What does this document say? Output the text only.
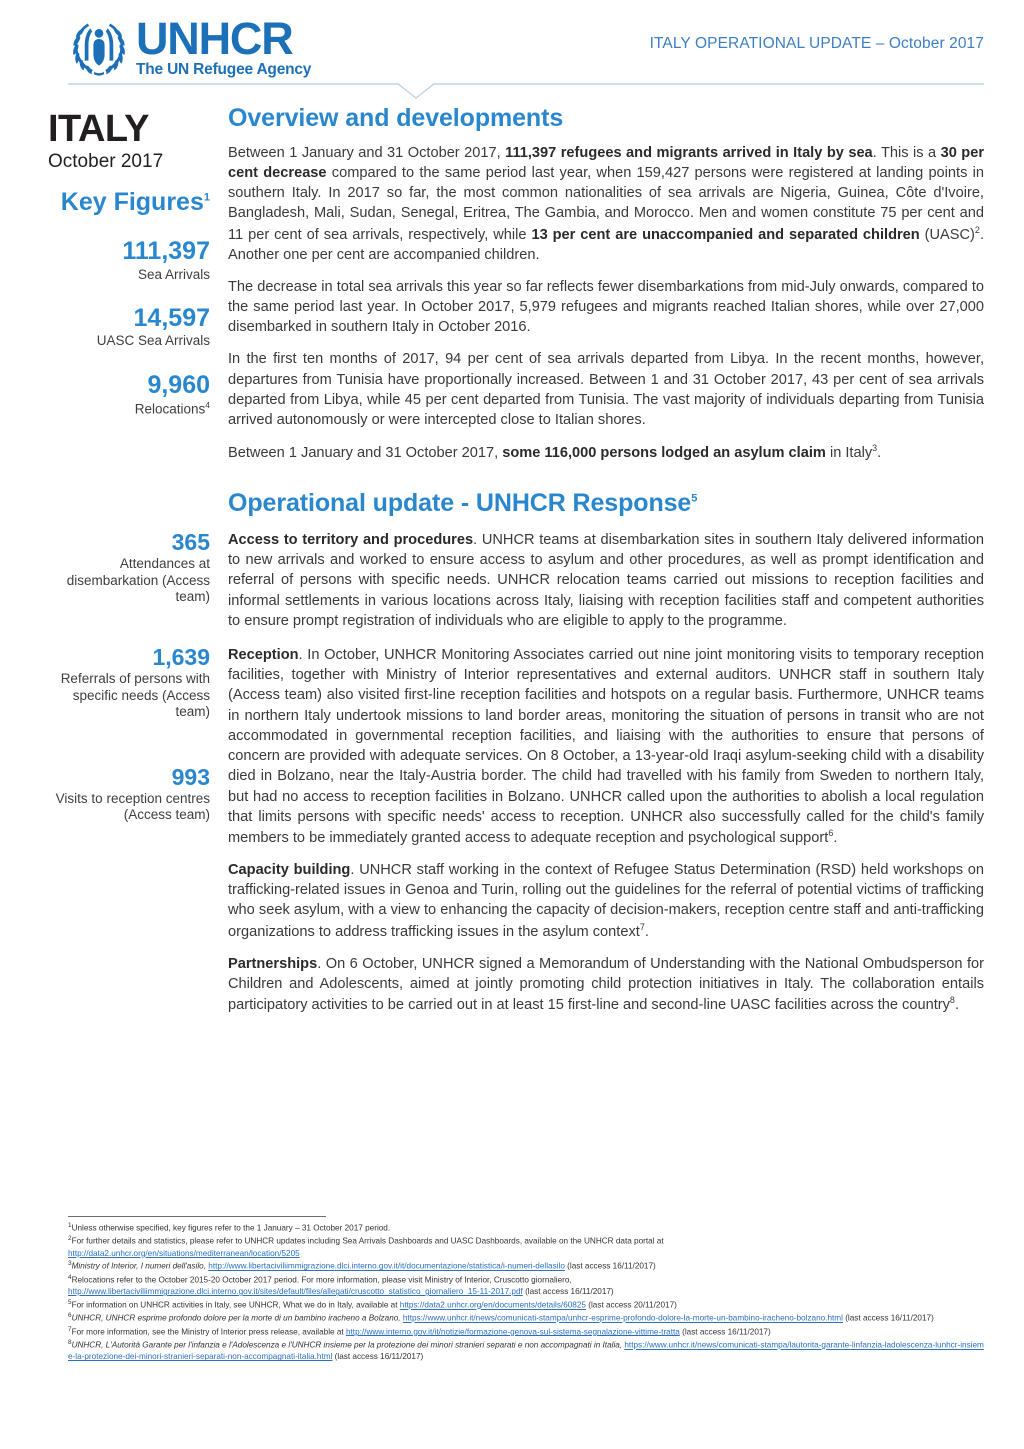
UNHCR
The UN Refugee Agency
ITALY OPERATIONAL UPDATE – October 2017
ITALY
October 2017
Key Figures$^1$
111,397
Sea Arrivals
14,597
UASC Sea Arrivals
9,960
Relocations$^4$
Overview and developments

Between 1 January and 31 October 2017, 111,397 refugees and migrants arrived in Italy by sea. This is a 30 per cent decrease compared to the same period last year, when 159,427 persons were registered at landing points in southern Italy. In 2017 so far, the most common nationalities of sea arrivals are Nigeria, Guinea, Côte d'Ivoire, Bangladesh, Mali, Sudan, Senegal, Eritrea, The Gambia, and Morocco. Men and women constitute 75 per cent and 11 per cent of sea arrivals, respectively, while 13 per cent are unaccompanied and separated children (UASC)$^2$. Another one per cent are accompanied children.

The decrease in total sea arrivals this year so far reflects fewer disembarkations from mid-July onwards, compared to the same period last year. In October 2017, 5,979 refugees and migrants reached Italian shores, while over 27,000 disembarked in southern Italy in October 2016.

In the first ten months of 2017, 94 per cent of sea arrivals departed from Libya. In the recent months, however, departures from Tunisia have proportionally increased. Between 1 and 31 October 2017, 43 per cent of sea arrivals departed from Libya, while 45 per cent departed from Tunisia. The vast majority of individuals departing from Tunisia arrived autonomously or were intercepted close to Italian shores.

Between 1 January and 31 October 2017, some 116,000 persons lodged an asylum claim in Italy$^3$.

Operational update - UNHCR Response$^5$
365
Attendances at disembarkation (Access team)

Access to territory and procedures. UNHCR teams at disembarkation sites in southern Italy delivered information to new arrivals and worked to ensure access to asylum and other procedures, as well as prompt identification and referral of persons with specific needs. UNHCR relocation teams carried out missions to reception facilities and informal settlements in various locations across Italy, liaising with reception facilities staff and competent authorities to ensure prompt registration of individuals who are eligible to apply to the programme.

1,639
Referrals of persons with specific needs (Access team)
993
Visits to reception centres (Access team)

Reception. In October, UNHCR Monitoring Associates carried out nine joint monitoring visits to temporary reception facilities, together with Ministry of Interior representatives and external auditors. UNHCR staff in southern Italy (Access team) also visited first-line reception facilities and hotspots on a regular basis. Furthermore, UNHCR teams in northern Italy undertook missions to land border areas, monitoring the situation of persons in transit who are not accommodated in governmental reception facilities, and liaising with the authorities to ensure that persons of concern are provided with adequate services. On 8 October, a 13-year-old Iraqi asylum-seeking child with a disability died in Bolzano, near the Italy-Austria border. The child had travelled with his family from Sweden to northern Italy, but had no access to reception facilities in Bolzano. UNHCR called upon the authorities to abolish a local regulation that limits persons with specific needs' access to reception. UNHCR also successfully called for the child's family members to be immediately granted access to adequate reception and psychological support$^6$.

Capacity building. UNHCR staff working in the context of Refugee Status Determination (RSD) held workshops on trafficking-related issues in Genoa and Turin, rolling out the guidelines for the referral of potential victims of trafficking who seek asylum, with a view to enhancing the capacity of decision-makers, reception centre staff and anti-trafficking organizations to address trafficking issues in the asylum context$^7$.

Partnerships. On 6 October, UNHCR signed a Memorandum of Understanding with the National Ombudsperson for Children and Adolescents, aimed at jointly promoting child protection initiatives in Italy. The collaboration entails participatory activities to be carried out in at least 15 first-line and second-line UASC facilities across the country$^8$.

$^1$Unless otherwise specified, key figures refer to the 1 January – 31 October 2017 period.

$^2$For further details and statistics, please refer to UNHCR updates including Sea Arrivals Dashboards and UASC Dashboards, available on the UNHCR data portal at
http://data2.unhcr.org/en/situations/mediterranean/location/5205

$^3$Ministry of Interior, I numeri dell'asilo, http://www.libertaciviliimmigrazione.dlci.interno.gov.it/it/documentazione/statistica/i-numeri-dellasilo (last access 16/11/2017)

$^4$Relocations refer to the October 2015-20 October 2017 period. For more information, please visit Ministry of Interior, Cruscotto giornaliero,
http://www.libertaciviliimmigrazione.dlci.interno.gov.it/sites/default/files/allegati/cruscotto_statistico_giornaliero_15-11-2017.pdf (last access 16/11/2017)

$^5$For information on UNHCR activities in Italy, see UNHCR, What we do in Italy, available at https://data2.unhcr.org/en/documents/details/60825 (last access 20/11/2017)

$^6$UNHCR, UNHCR esprime profondo dolore per la morte di un bambino iracheno a Bolzano, https://www.unhcr.it/news/comunicati-stampa/unhcr-esprime-profondo-dolore-la-morte-un-bambino-iracheno-bolzano.html (last access 16/11/2017)

$^7$For more information, see the Ministry of Interior press release, available at http://www.interno.gov.it/it/notizie/formazione-genova-sul-sistema-segnalazione-vittime-tratta (last access 16/11/2017)

$^8$UNHCR, L'Autorità Garante per l'infanzia e l'Adolescenza e l'UNHCR insieme per la protezione dei minori stranieri separati e non accompagnati in Italia, https://www.unhcr.it/news/comunicati-stampa/lautorita-garante-linfanzia-ladolescenza-lunhcr-insieme-la-protezione-dei-minori-stranieri-separati-non-accompagnati-italia.html (last access 16/11/2017)
